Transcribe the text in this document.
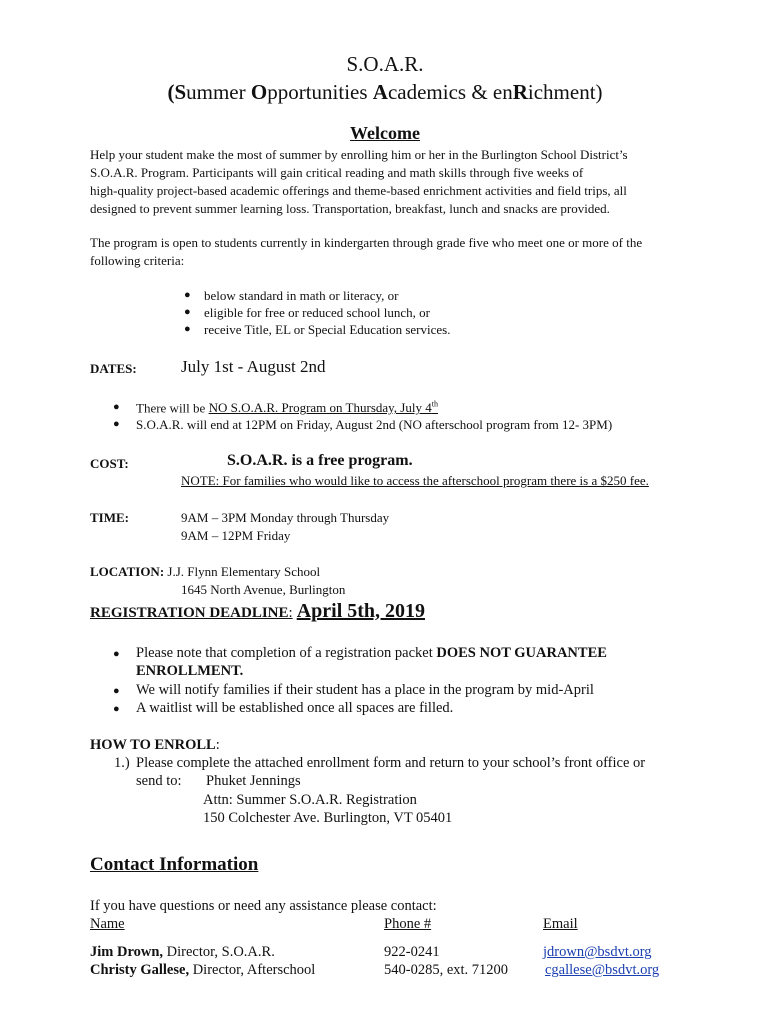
S.O.A.R.
(Summer Opportunities Academics & enRichment)
Welcome
Help your student make the most of summer by enrolling him or her in the Burlington School District’s
S.O.A.R. Program. Participants will gain critical reading and math skills through five weeks of
high-quality project-based academic offerings and theme-based enrichment activities and field trips, all
designed to prevent summer learning loss. Transportation, breakfast, lunch and snacks are provided.
The program is open to students currently in kindergarten through grade five who meet one or more of the
following criteria:
● below standard in math or literacy, or
● eligible for free or reduced school lunch, or
● receive Title, EL or Special Education services.
DATES:	July 1st - August 2nd
● There will be NO S.O.A.R. Program on Thursday, July 4th
● S.O.A.R. will end at 12PM on Friday, August 2nd (NO afterschool program from 12- 3PM)
COST:	S.O.A.R. is a free program.
NOTE: For families who would like to access the afterschool program there is a $250 fee.
TIME:	9AM – 3PM Monday through Thursday
9AM – 12PM Friday
LOCATION: J.J. Flynn Elementary School
1645 North Avenue, Burlington
REGISTRATION DEADLINE: April 5th, 2019
● Please note that completion of a registration packet DOES NOT GUARANTEE
ENROLLMENT.
● We will notify families if their student has a place in the program by mid-April
● A waitlist will be established once all spaces are filled.
HOW TO ENROLL:
1.) Please complete the attached enrollment form and return to your school’s front office or
send to: Phuket Jennings
Attn: Summer S.O.A.R. Registration
150 Colchester Ave. Burlington, VT 05401
Contact Information
If you have questions or need any assistance please contact:
Name	Phone #	Email
Jim Drown, Director, S.O.A.R.	922-0241	jdrown@bsdvt.org
Christy Gallese, Director, Afterschool	540-0285, ext. 71200	cgallese@bsdvt.org
